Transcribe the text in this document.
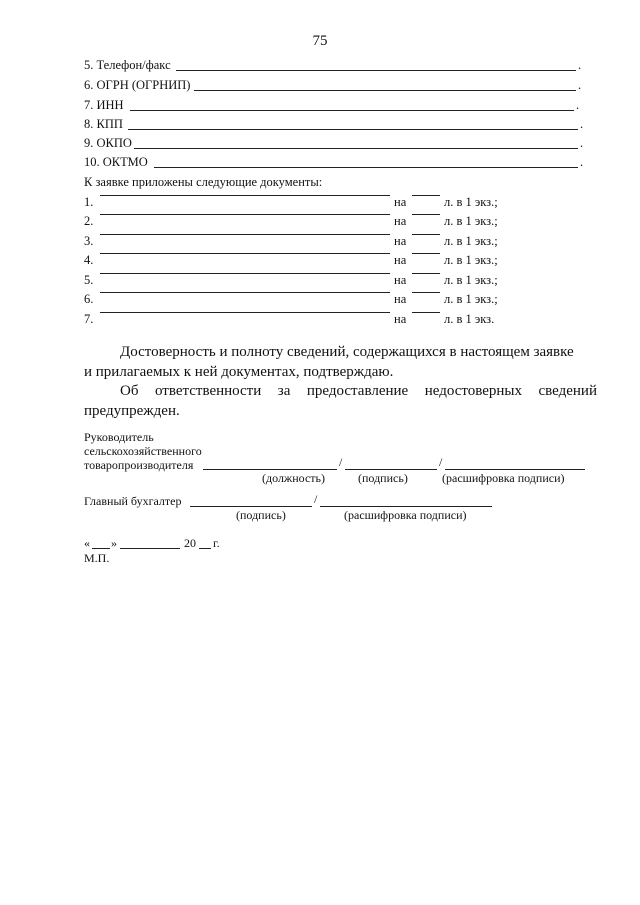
75
5. Телефон/факс	.
6. ОГРН (ОГРНИП)	.
7. ИНН	.
8. КПП	.
9. ОКПО	.
10. ОКТМО	.
К заявке приложены следующие документы:
1.	на	л. в 1 экз.;
2.	на	л. в 1 экз.;
3.	на	л. в 1 экз.;
4.	на	л. в 1 экз.;
5.	на	л. в 1 экз.;
6.	на	л. в 1 экз.;
7.	на	л. в 1 экз.
Достоверность и полноту сведений, содержащихся в настоящем заявке
и прилагаемых к ней документах, подтверждаю.
Об ответственности за предоставление недостоверных сведений
предупрежден.
Руководитель
сельскохозяйственного
товаропроизводителя	/	/
(должность)	(подпись)	(расшифровка подписи)
Главный бухгалтер	/
(подпись)	(расшифровка подписи)
« »	20 г.
М.П.
